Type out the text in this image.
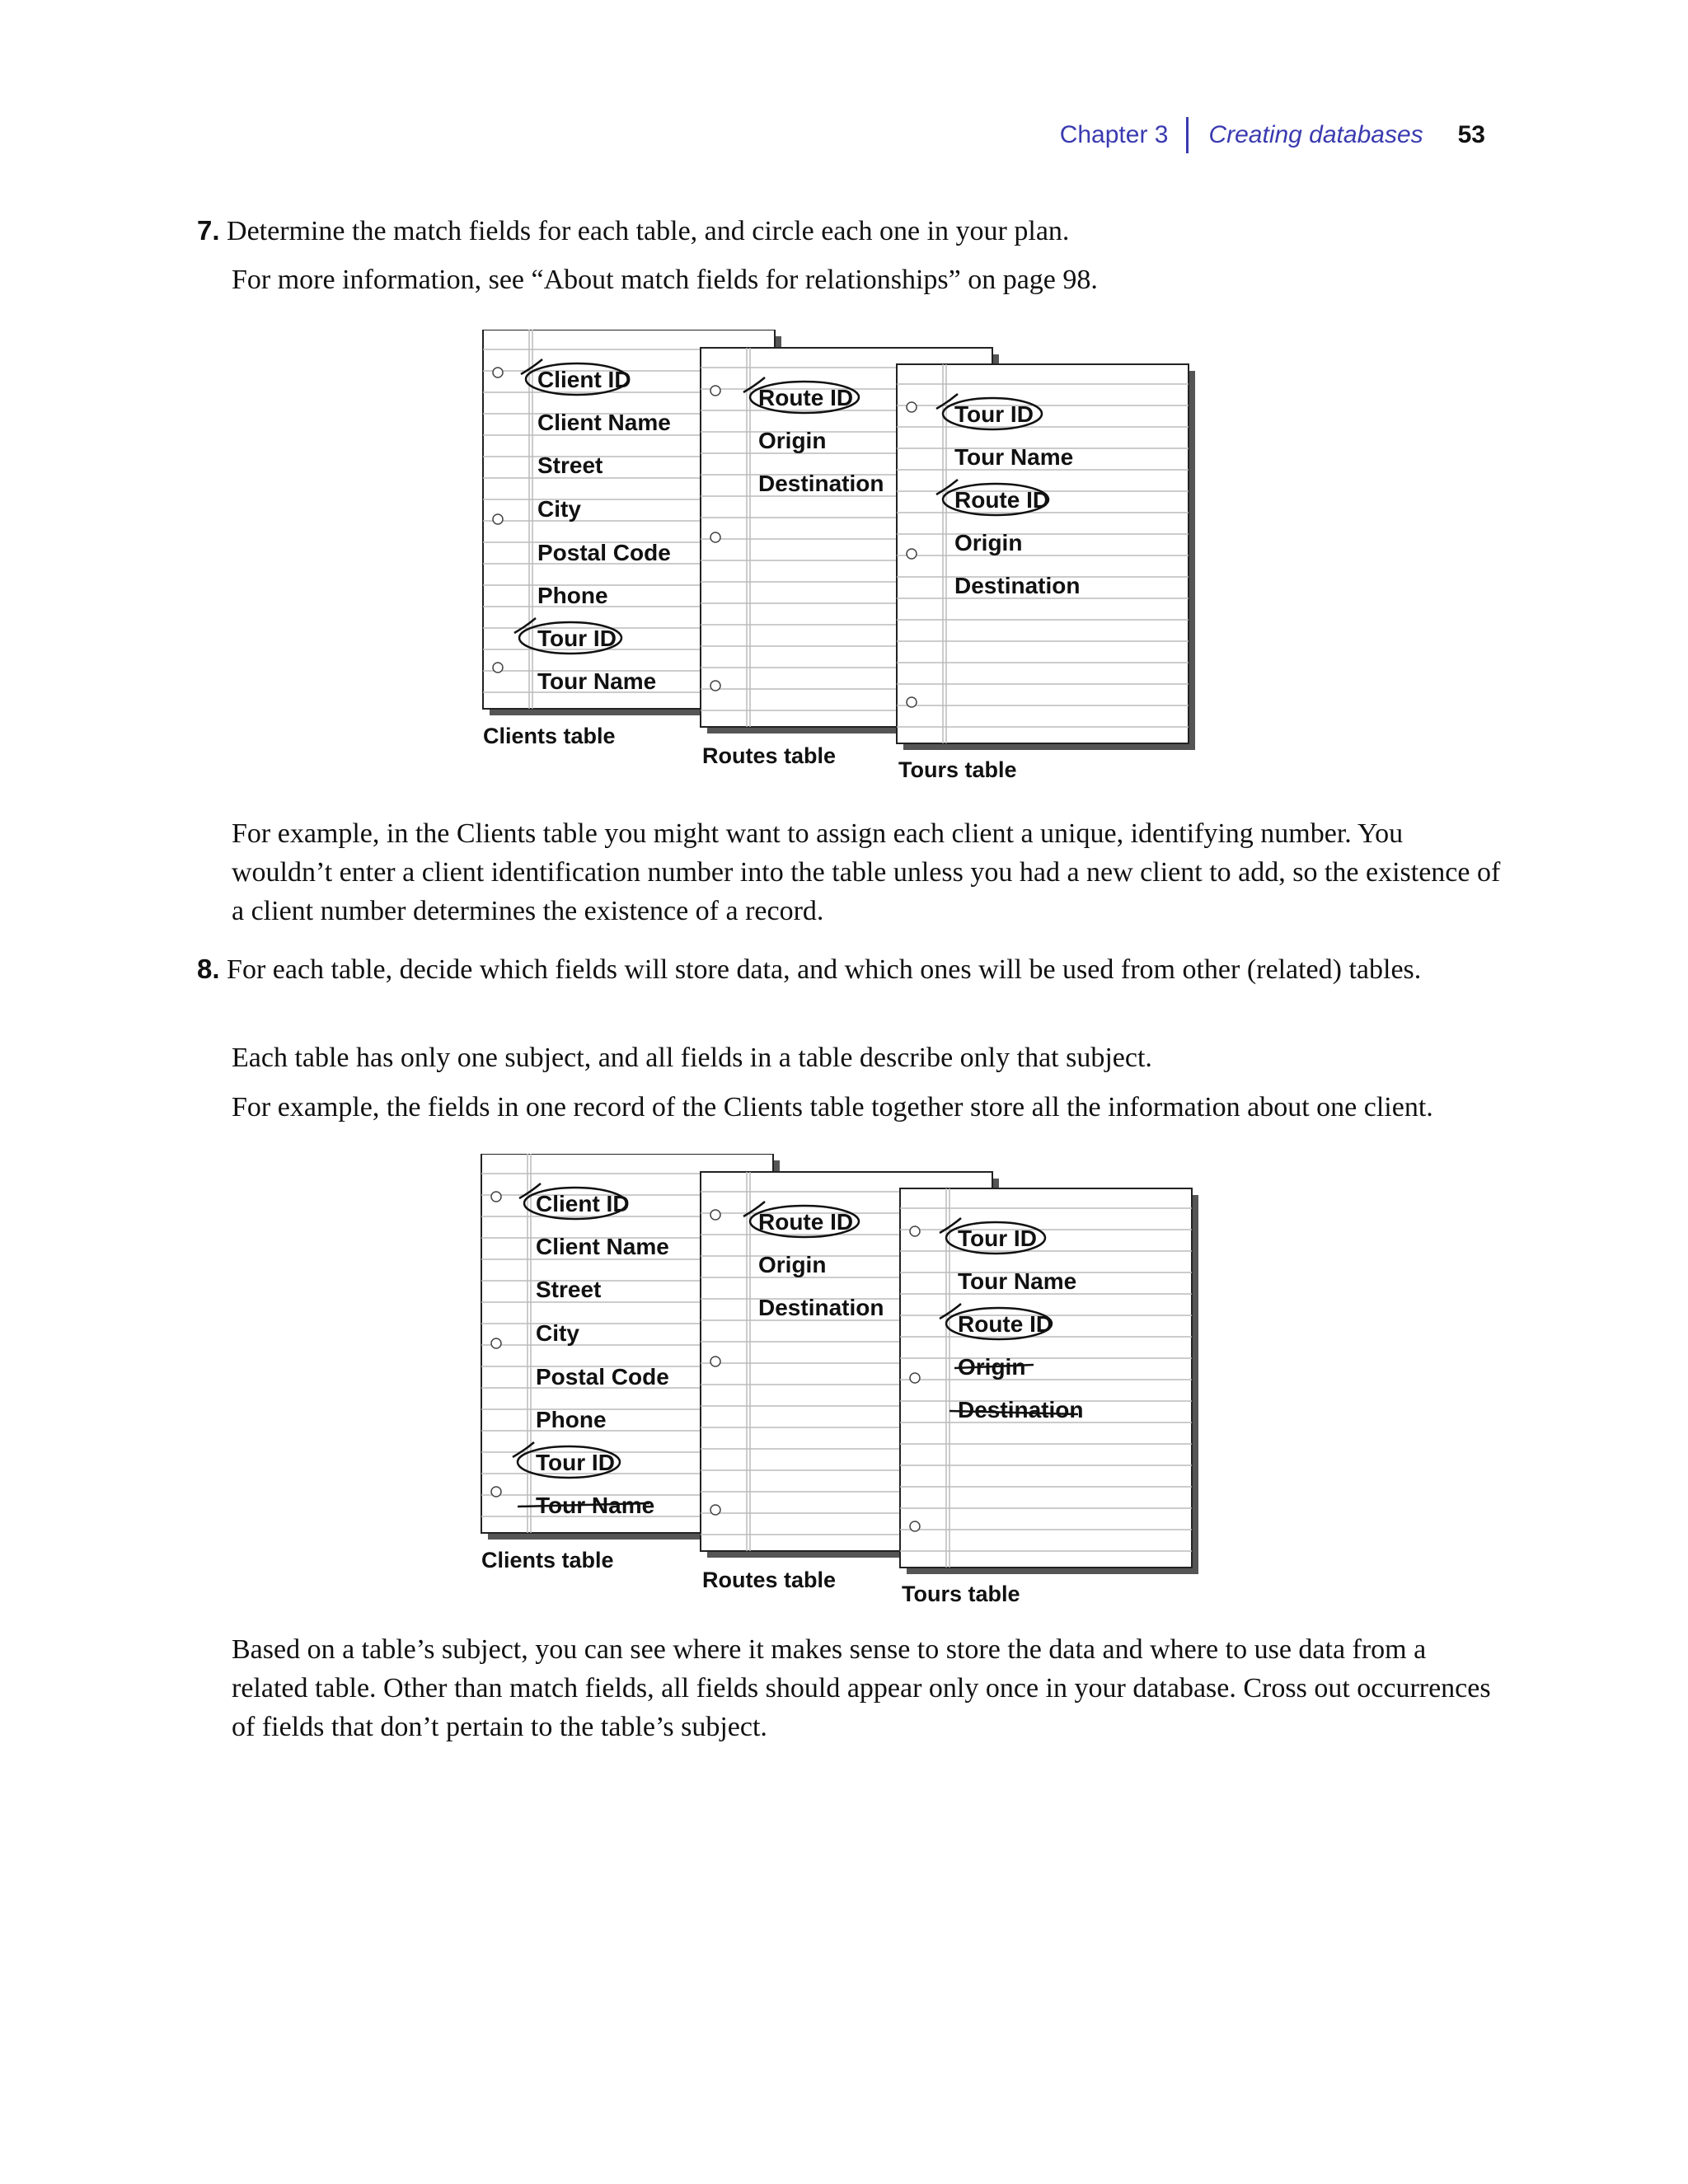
Chapter 3 Creating databases 53

7. Determine the match fields for each table, and circle each one in your plan.

For more information, see “About match fields for relationships” on page 98.

Client ID
Client Name
Street
City
Postal Code
Phone
Tour ID
Tour Name
Clients table
Route ID
Origin
Destination
Routes table
Tour ID
Tour Name
Route ID
Origin
Destination
Tours table

For example, in the Clients table you might want to assign each client a unique, identifying number. You wouldn’t enter a client identification number into the table unless you had a new client to add, so the existence of a client number determines the existence of a record.

8. For each table, decide which fields will store data, and which ones will be used from other (related) tables.

Each table has only one subject, and all fields in a table describe only that subject.

For example, the fields in one record of the Clients table together store all the information about one client.

Client ID
Client Name
Street
City
Postal Code
Phone
Tour ID
Tour Name
Clients table
Route ID
Origin
Destination
Routes table
Tour ID
Tour Name
Route ID
Origin
Destination
Tours table

Based on a table’s subject, you can see where it makes sense to store the data and where to use data from a related table. Other than match fields, all fields should appear only once in your database. Cross out occurrences of fields that don’t pertain to the table’s subject.
